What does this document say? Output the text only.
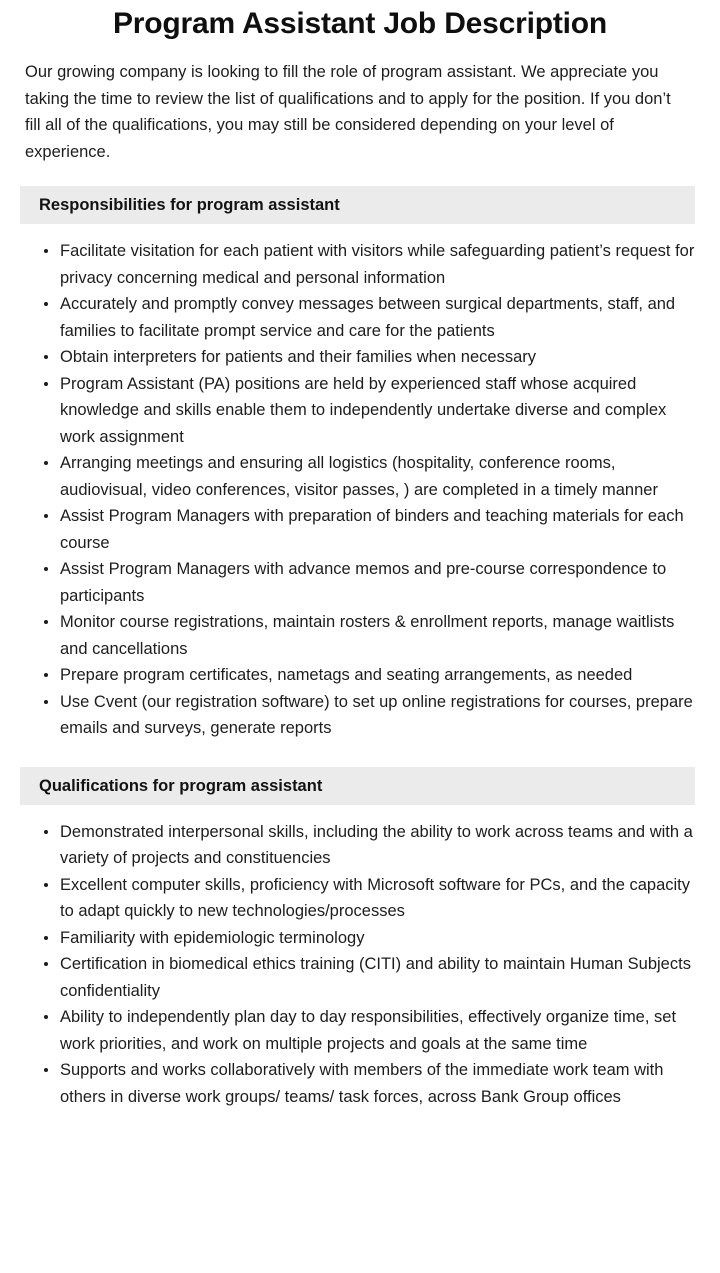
Program Assistant Job Description

Our growing company is looking to fill the role of program assistant. We appreciate you taking the time to review the list of qualifications and to apply for the position. If you don’t fill all of the qualifications, you may still be considered depending on your level of experience.

Responsibilities for program assistant
Facilitate visitation for each patient with visitors while safeguarding patient’s request for privacy concerning medical and personal information
Accurately and promptly convey messages between surgical departments, staff, and families to facilitate prompt service and care for the patients
Obtain interpreters for patients and their families when necessary
Program Assistant (PA) positions are held by experienced staff whose acquired knowledge and skills enable them to independently undertake diverse and complex work assignment
Arranging meetings and ensuring all logistics (hospitality, conference rooms, audiovisual, video conferences, visitor passes, ) are completed in a timely manner
Assist Program Managers with preparation of binders and teaching materials for each course
Assist Program Managers with advance memos and pre-course correspondence to participants
Monitor course registrations, maintain rosters & enrollment reports, manage waitlists and cancellations
Prepare program certificates, nametags and seating arrangements, as needed
Use Cvent (our registration software) to set up online registrations for courses, prepare emails and surveys, generate reports
Qualifications for program assistant
Demonstrated interpersonal skills, including the ability to work across teams and with a variety of projects and constituencies
Excellent computer skills, proficiency with Microsoft software for PCs, and the capacity to adapt quickly to new technologies/processes
Familiarity with epidemiologic terminology
Certification in biomedical ethics training (CITI) and ability to maintain Human Subjects confidentiality
Ability to independently plan day to day responsibilities, effectively organize time, set work priorities, and work on multiple projects and goals at the same time
Supports and works collaboratively with members of the immediate work team with others in diverse work groups/ teams/ task forces, across Bank Group offices
